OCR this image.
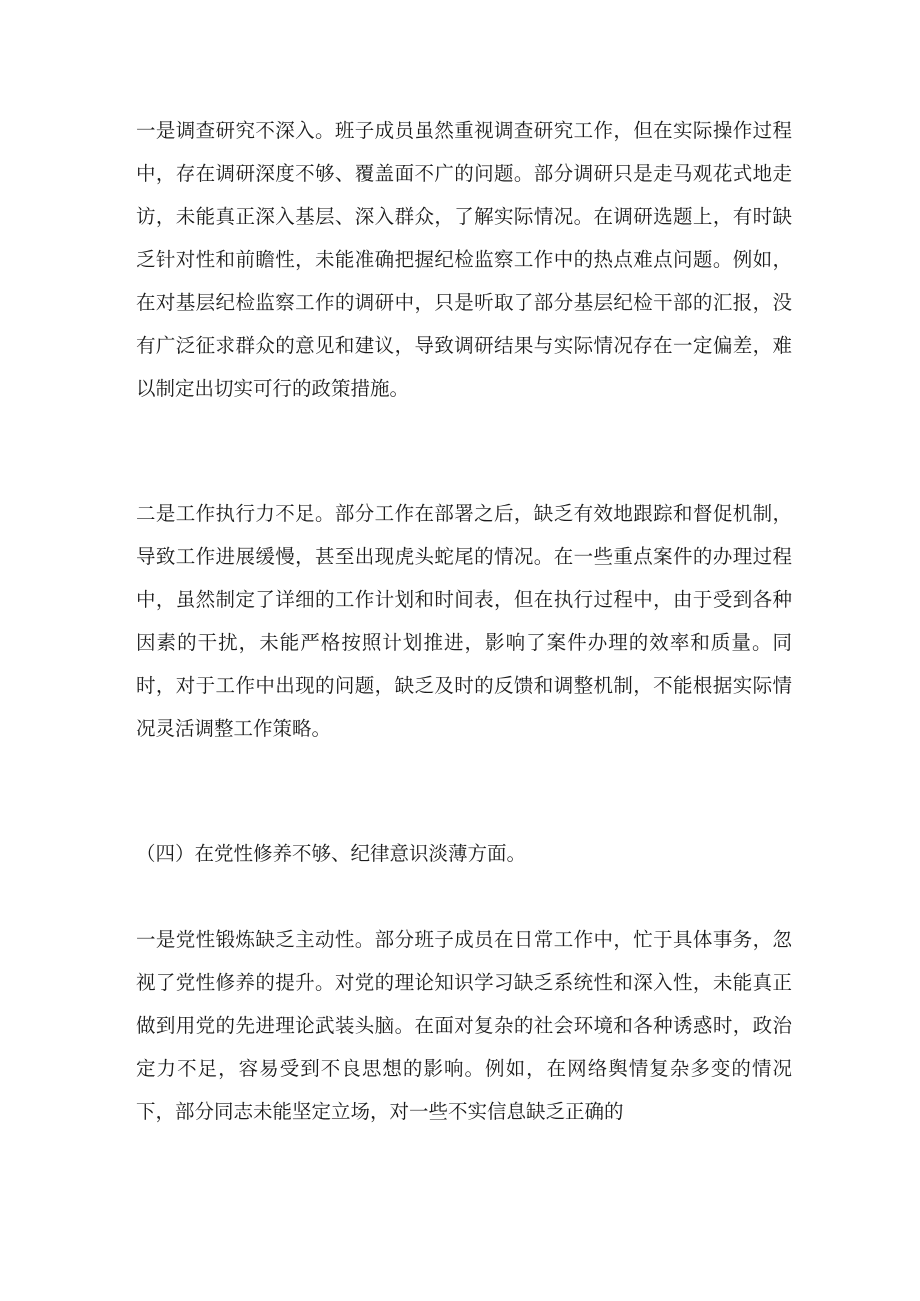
一是调查研究不深入。班子成员虽然重视调查研究工作，但在实际操作过程中，存在调研深度不够、覆盖面不广的问题。部分调研只是走马观花式地走访，未能真正深入基层、深入群众，了解实际情况。在调研选题上，有时缺乏针对性和前瞻性，未能准确把握纪检监察工作中的热点难点问题。例如，在对基层纪检监察工作的调研中，只是听取了部分基层纪检干部的汇报，没有广泛征求群众的意见和建议，导致调研结果与实际情况存在一定偏差，难以制定出切实可行的政策措施。

二是工作执行力不足。部分工作在部署之后，缺乏有效地跟踪和督促机制，导致工作进展缓慢，甚至出现虎头蛇尾的情况。在一些重点案件的办理过程中，虽然制定了详细的工作计划和时间表，但在执行过程中，由于受到各种因素的干扰，未能严格按照计划推进，影响了案件办理的效率和质量。同时，对于工作中出现的问题，缺乏及时的反馈和调整机制，不能根据实际情况灵活调整工作策略。

（四）在党性修养不够、纪律意识淡薄方面。

一是党性锻炼缺乏主动性。部分班子成员在日常工作中，忙于具体事务，忽视了党性修养的提升。对党的理论知识学习缺乏系统性和深入性，未能真正做到用党的先进理论武装头脑。在面对复杂的社会环境和各种诱惑时，政治定力不足，容易受到不良思想的影响。例如，在网络舆情复杂多变的情况下，部分同志未能坚定立场，对一些不实信息缺乏正确的
